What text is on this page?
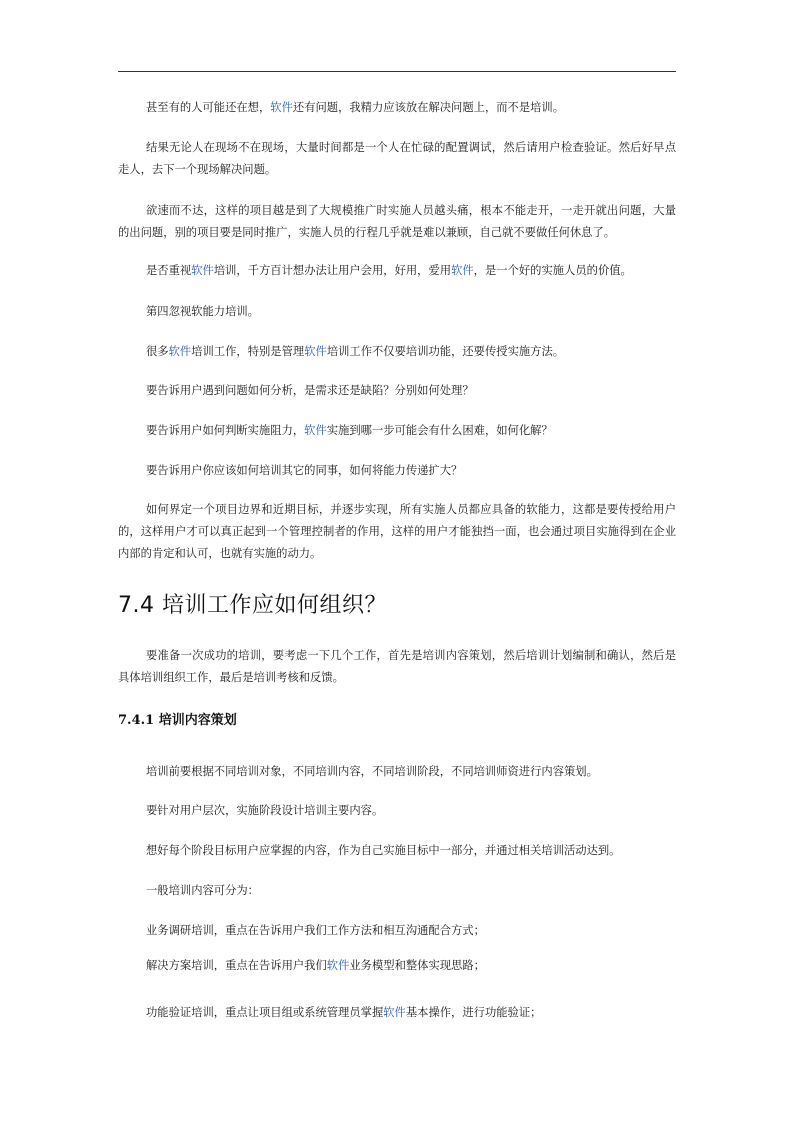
甚至有的人可能还在想，软件还有问题，我精力应该放在解决问题上，而不是培训。

结果无论人在现场不在现场，大量时间都是一个人在忙碌的配置调试，然后请用户检查验证。然后好早点走人，去下一个现场解决问题。

欲速而不达，这样的项目越是到了大规模推广时实施人员越头痛，根本不能走开，一走开就出问题，大量的出问题，别的项目要是同时推广，实施人员的行程几乎就是难以兼顾，自己就不要做任何休息了。

是否重视软件培训，千方百计想办法让用户会用，好用，爱用软件，是一个好的实施人员的价值。

第四忽视软能力培训。

很多软件培训工作，特别是管理软件培训工作不仅要培训功能，还要传授实施方法。

要告诉用户遇到问题如何分析，是需求还是缺陷？分别如何处理？

要告诉用户如何判断实施阻力，软件实施到哪一步可能会有什么困难，如何化解？

要告诉用户你应该如何培训其它的同事，如何将能力传递扩大？

如何界定一个项目边界和近期目标，并逐步实现，所有实施人员都应具备的软能力，这都是要传授给用户的，这样用户才可以真正起到一个管理控制者的作用，这样的用户才能独挡一面，也会通过项目实施得到在企业内部的肯定和认可，也就有实施的动力。

7.4 培训工作应如何组织？

要准备一次成功的培训，要考虑一下几个工作，首先是培训内容策划，然后培训计划编制和确认，然后是具体培训组织工作，最后是培训考核和反馈。

7.4.1 培训内容策划

培训前要根据不同培训对象，不同培训内容，不同培训阶段，不同培训师资进行内容策划。

要针对用户层次，实施阶段设计培训主要内容。

想好每个阶段目标用户应掌握的内容，作为自己实施目标中一部分，并通过相关培训活动达到。

一般培训内容可分为：

业务调研培训，重点在告诉用户我们工作方法和相互沟通配合方式；

解决方案培训，重点在告诉用户我们软件业务模型和整体实现思路；

功能验证培训，重点让项目组或系统管理员掌握软件基本操作，进行功能验证；
